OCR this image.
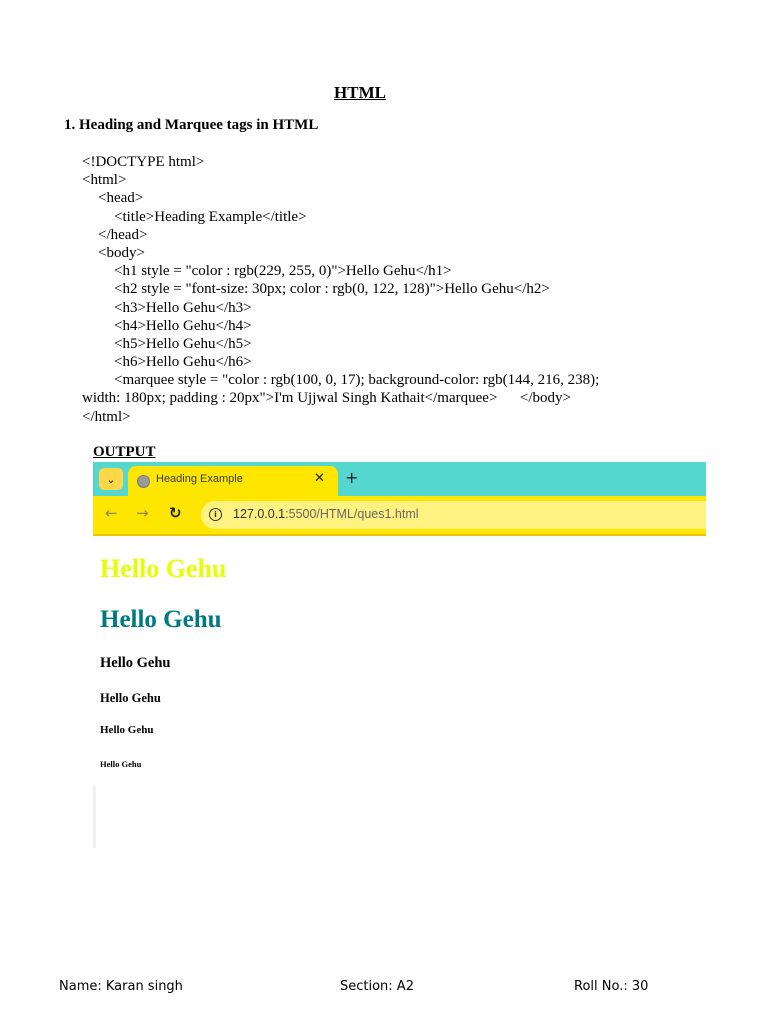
HTML
1. Heading and Marquee tags in HTML
<!DOCTYPE html>
<html>
<head>
<title>Heading Example</title>
</head>
<body>
<h1 style = "color : rgb(229, 255, 0)">Hello Gehu</h1>
<h2 style = "font-size: 30px; color : rgb(0, 122, 128)">Hello Gehu</h2>
<h3>Hello Gehu</h3>
<h4>Hello Gehu</h4>
<h5>Hello Gehu</h5>
<h6>Hello Gehu</h6>
<marquee style = "color : rgb(100, 0, 17); background-color: rgb(144, 216, 238);
width: 180px; padding : 20px">I'm Ujjwal Singh Kathait</marquee>      </body>
</html>
OUTPUT
⌄	Heading Example	✕ +
← → ↻	i	127.0.0.1:5500/HTML/ques1.html
Hello Gehu
Hello Gehu
Hello Gehu
Hello Gehu
Hello Gehu
Hello Gehu
Name: Karan singh	Section: A2	Roll No.: 30
